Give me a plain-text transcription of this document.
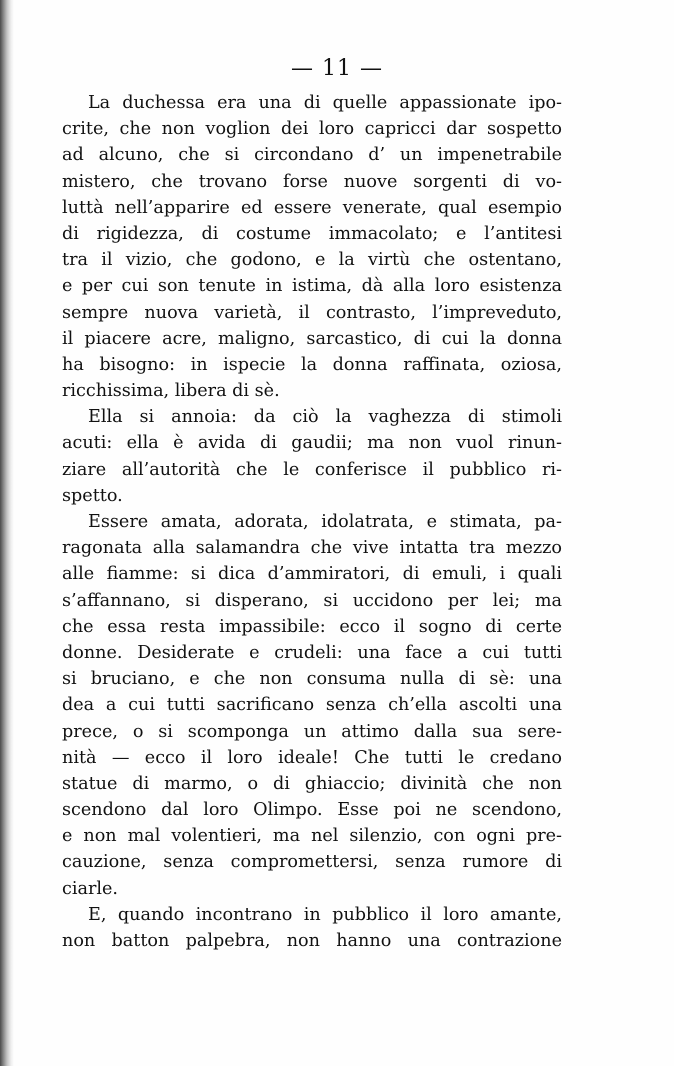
— 11 —

La duchessa era una di quelle appassionate ipo-
crite, che non voglion dei loro capricci dar sospetto
ad alcuno, che si circondano d’ un impenetrabile
mistero, che trovano forse nuove sorgenti di vo-
luttà nell’apparire ed essere venerate, qual esempio
di rigidezza, di costume immacolato; e l’antitesi
tra il vizio, che godono, e la virtù che ostentano,
e per cui son tenute in istima, dà alla loro esistenza
sempre nuova varietà, il contrasto, l’impreveduto,
il piacere acre, maligno, sarcastico, di cui la donna
ha bisogno: in ispecie la donna raffinata, oziosa,
ricchissima, libera di sè.
Ella si annoia: da ciò la vaghezza di stimoli
acuti: ella è avida di gaudii; ma non vuol rinun-
ziare all’autorità che le conferisce il pubblico ri-
spetto.
Essere amata, adorata, idolatrata, e stimata, pa-
ragonata alla salamandra che vive intatta tra mezzo
alle fiamme: si dica d’ammiratori, di emuli, i quali
s’affannano, si disperano, si uccidono per lei; ma
che essa resta impassibile: ecco il sogno di certe
donne. Desiderate e crudeli: una face a cui tutti
si bruciano, e che non consuma nulla di sè: una
dea a cui tutti sacrificano senza ch’ella ascolti una
prece, o si scomponga un attimo dalla sua sere-
nità — ecco il loro ideale! Che tutti le credano
statue di marmo, o di ghiaccio; divinità che non
scendono dal loro Olimpo. Esse poi ne scendono,
e non mal volentieri, ma nel silenzio, con ogni pre-
cauzione, senza compromettersi, senza rumore di
ciarle.
E, quando incontrano in pubblico il loro amante,
non batton palpebra, non hanno una contrazione
